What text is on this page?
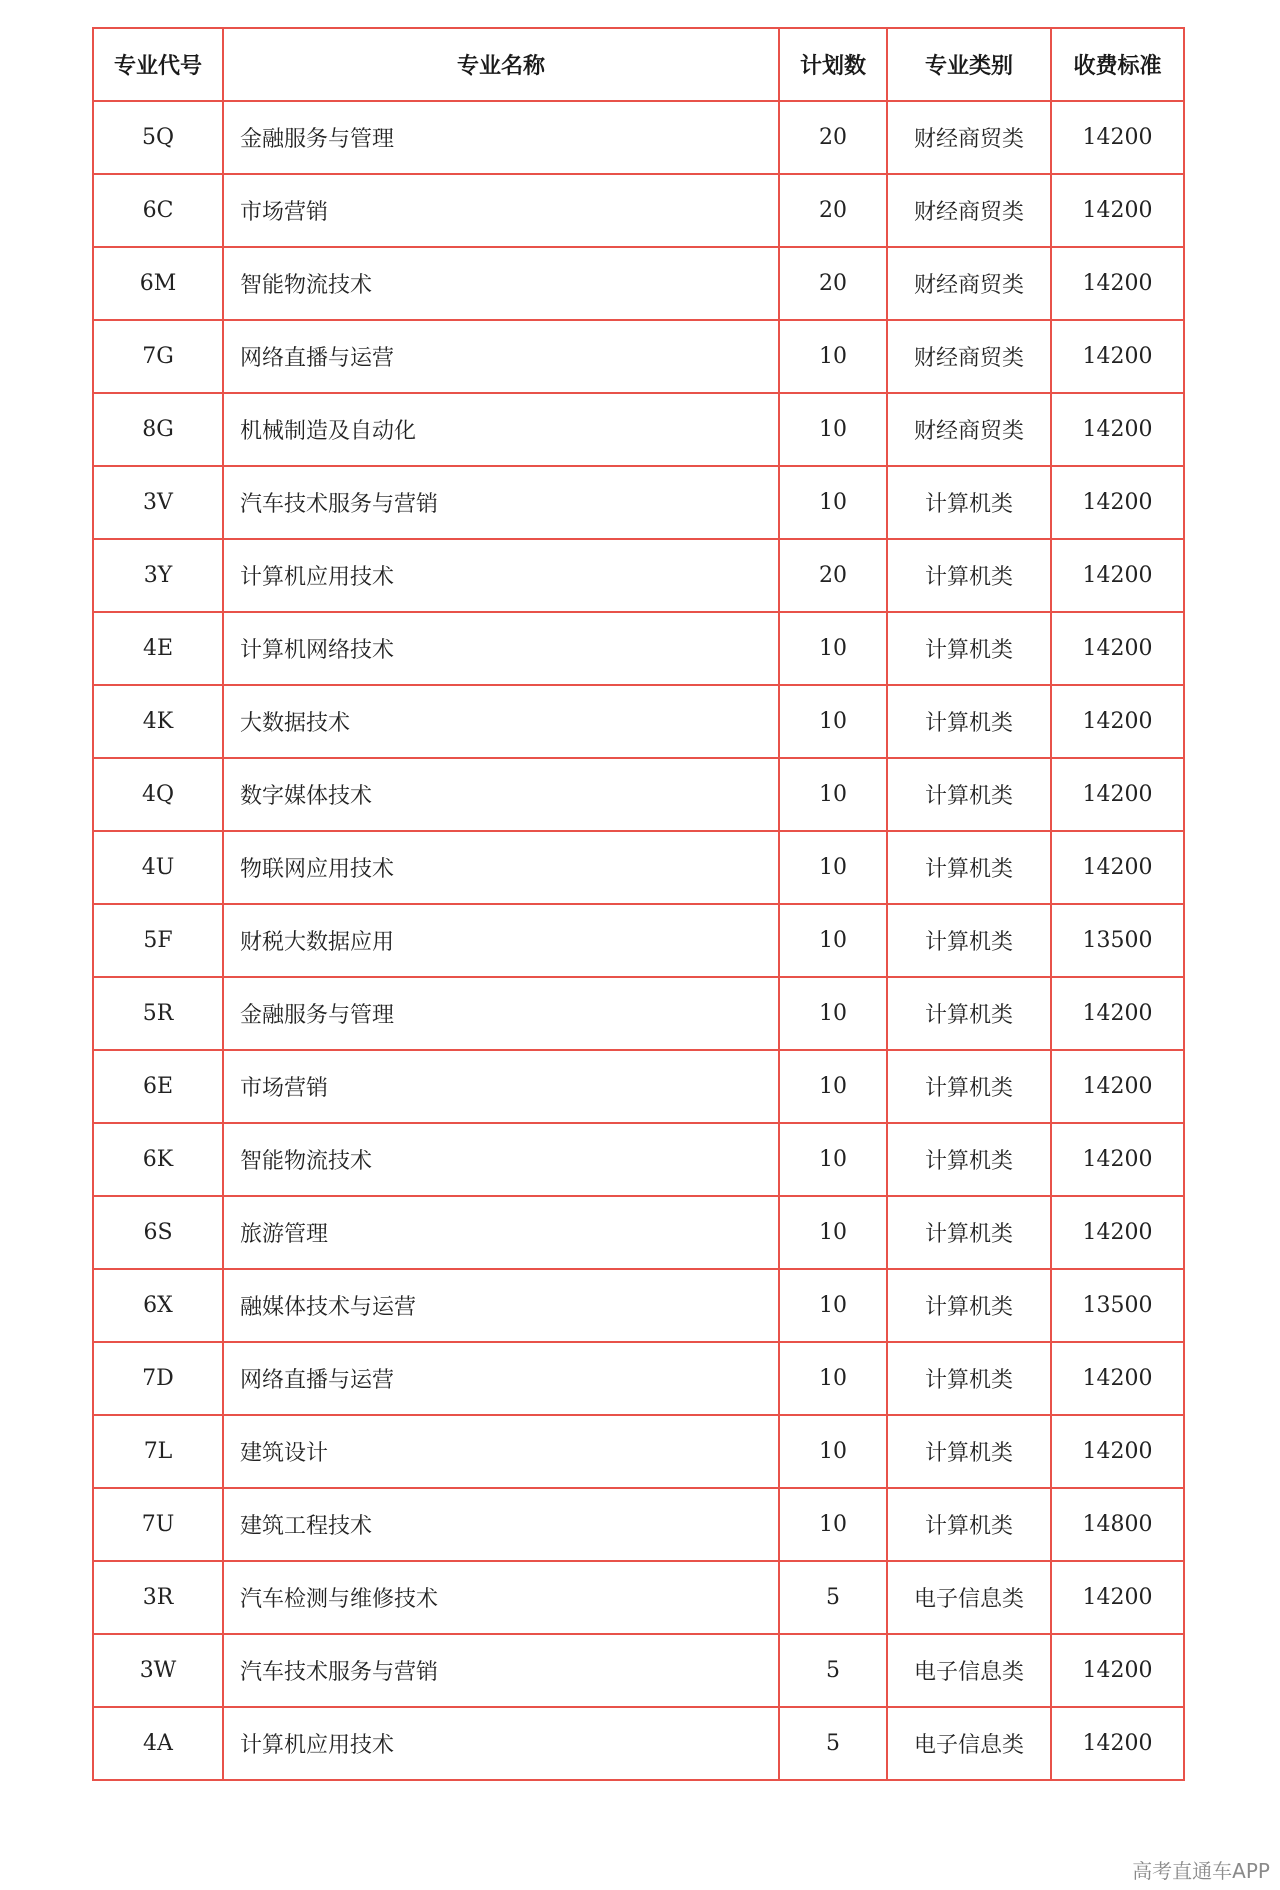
专业代号	专业名称	计划数	专业类别	收费标准
5Q	金融服务与管理	20	财经商贸类	14200
6C	市场营销	20	财经商贸类	14200
6M	智能物流技术	20	财经商贸类	14200
7G	网络直播与运营	10	财经商贸类	14200
8G	机械制造及自动化	10	财经商贸类	14200
3V	汽车技术服务与营销	10	计算机类	14200
3Y	计算机应用技术	20	计算机类	14200
4E	计算机网络技术	10	计算机类	14200
4K	大数据技术	10	计算机类	14200
4Q	数字媒体技术	10	计算机类	14200
4U	物联网应用技术	10	计算机类	14200
5F	财税大数据应用	10	计算机类	13500
5R	金融服务与管理	10	计算机类	14200
6E	市场营销	10	计算机类	14200
6K	智能物流技术	10	计算机类	14200
6S	旅游管理	10	计算机类	14200
6X	融媒体技术与运营	10	计算机类	13500
7D	网络直播与运营	10	计算机类	14200
7L	建筑设计	10	计算机类	14200
7U	建筑工程技术	10	计算机类	14800
3R	汽车检测与维修技术	5	电子信息类	14200
3W	汽车技术服务与营销	5	电子信息类	14200
4A	计算机应用技术	5	电子信息类	14200
高考直通车APP
